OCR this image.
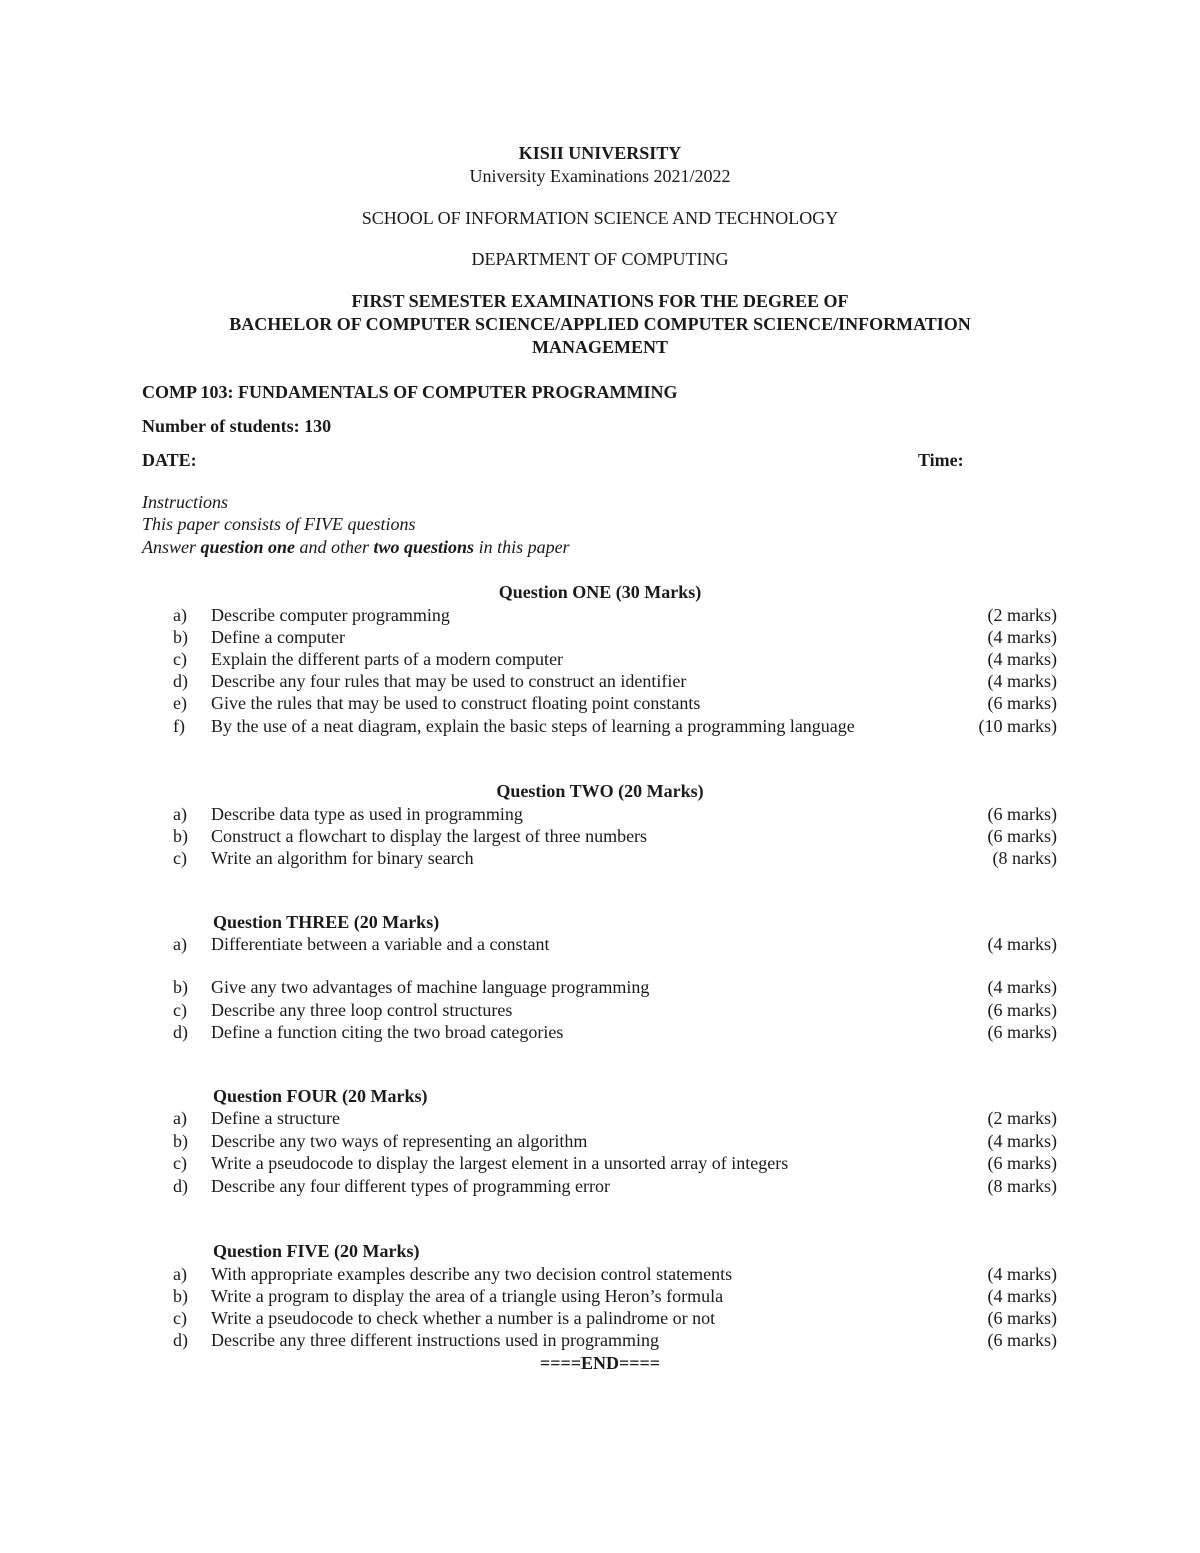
KISII UNIVERSITY
University Examinations 2021/2022
SCHOOL OF INFORMATION SCIENCE AND TECHNOLOGY
DEPARTMENT OF COMPUTING
FIRST SEMESTER EXAMINATIONS FOR THE DEGREE OF
BACHELOR OF COMPUTER SCIENCE/APPLIED COMPUTER SCIENCE/INFORMATION
MANAGEMENT
COMP 103: FUNDAMENTALS OF COMPUTER PROGRAMMING
Number of students: 130
DATE:	Time:
Instructions
This paper consists of FIVE questions
Answer question one and other two questions in this paper
Question ONE (30 Marks)
a) Describe computer programming	(2 marks)
b) Define a computer	(4 marks)
c) Explain the different parts of a modern computer	(4 marks)
d) Describe any four rules that may be used to construct an identifier	(4 marks)
e) Give the rules that may be used to construct floating point constants	(6 marks)
f) By the use of a neat diagram, explain the basic steps of learning a programming language	(10 marks)
Question TWO (20 Marks)
a) Describe data type as used in programming	(6 marks)
b) Construct a flowchart to display the largest of three numbers	(6 marks)
c) Write an algorithm for binary search	(8 narks)
Question THREE (20 Marks)
a) Differentiate between a variable and a constant	(4 marks)
b) Give any two advantages of machine language programming	(4 marks)
c) Describe any three loop control structures	(6 marks)
d) Define a function citing the two broad categories	(6 marks)
Question FOUR (20 Marks)
a) Define a structure	(2 marks)
b) Describe any two ways of representing an algorithm	(4 marks)
c) Write a pseudocode to display the largest element in a unsorted array of integers	(6 marks)
d) Describe any four different types of programming error	(8 marks)
Question FIVE (20 Marks)
a) With appropriate examples describe any two decision control statements	(4 marks)
b) Write a program to display the area of a triangle using Heron’s formula	(4 marks)
c) Write a pseudocode to check whether a number is a palindrome or not	(6 marks)
d) Describe any three different instructions used in programming	(6 marks)
====END====
